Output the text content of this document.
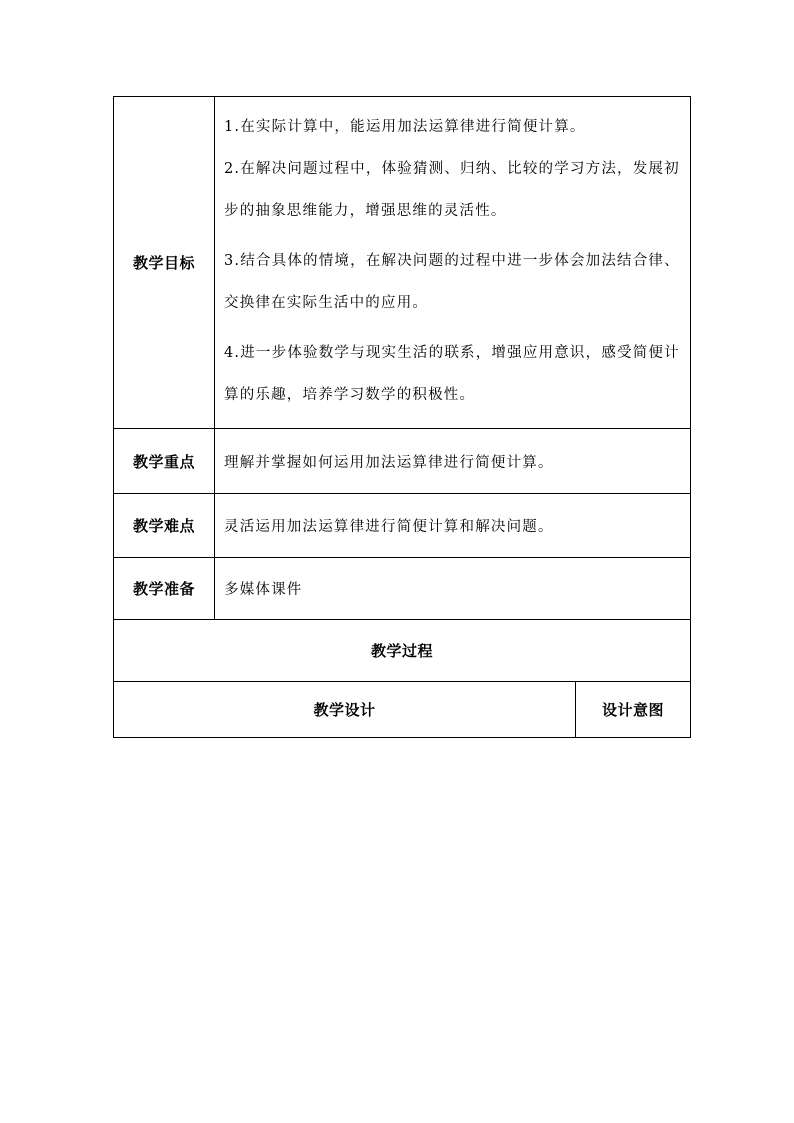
教学目标	1.在实际计算中，能运用加法运算律进行简便计算。

2.在解决问题过程中，体验猜测、归纳、比较的学习方法，发展初步的抽象思维能力，增强思维的灵活性。

3.结合具体的情境，在解决问题的过程中进一步体会加法结合律、交换律在实际生活中的应用。

4.进一步体验数学与现实生活的联系，增强应用意识，感受简便计算的乐趣，培养学习数学的积极性。	

教学重点	理解并掌握如何运用加法运算律进行简便计算。	
教学难点	灵活运用加法运算律进行简便计算和解决问题。	
教学准备	多媒体课件	
教学过程		
教学设计		设计意图
